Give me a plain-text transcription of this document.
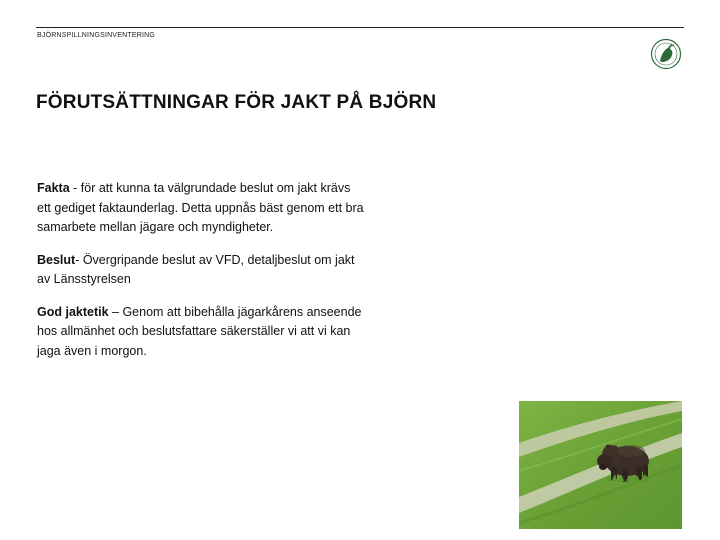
BJÖRNSPILLNINGSINVENTERING
FÖRUTSÄTTNINGAR FÖR JAKT PÅ BJÖRN

Fakta - för att kunna ta välgrundade beslut om jakt krävs ett gediget faktaunderlag. Detta uppnås bäst genom ett bra samarbete mellan jägare och myndigheter.

Beslut- Övergripande beslut av VFD, detaljbeslut om jakt av Länsstyrelsen

God jaktetik – Genom att bibehålla jägarkårens anseende hos allmänhet och beslutsfattare säkerställer vi att vi kan jaga även i morgon.
